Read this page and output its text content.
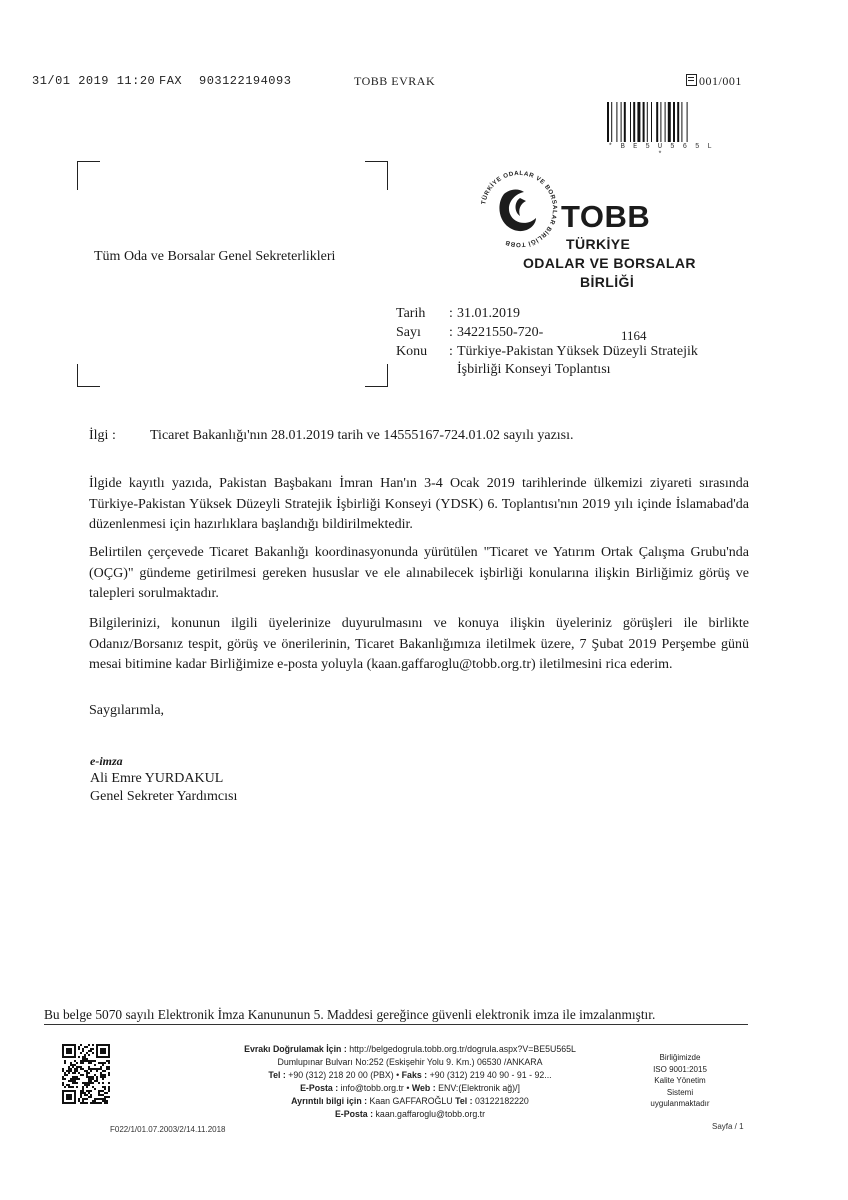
31/01 2019 11:20 FAX 903122194093	TOBB EVRAK	001/001
* B E 5 U 5 6 5 L *
Tüm Oda ve Borsalar Genel Sekreterlikleri
TÜRKİYE ODALAR VE BORSALAR BİRLİĞİ TOBB
TOBB
TÜRKİYE
ODALAR VE BORSALAR
BİRLİĞİ
Tarih : 31.01.2019
Sayı : 34221550-720-	1164
Konu : Türkiye-Pakistan Yüksek Düzeyli Stratejik
İşbirliği Konseyi Toplantısı
İlgi : Ticaret Bakanlığı'nın 28.01.2019 tarih ve 14555167-724.01.02 sayılı yazısı.
İlgide kayıtlı yazıda, Pakistan Başbakanı İmran Han'ın 3-4 Ocak 2019 tarihlerinde ülkemizi ziyareti sırasında Türkiye-Pakistan Yüksek Düzeyli Stratejik İşbirliği Konseyi (YDSK) 6. Toplantısı'nın 2019 yılı içinde İslamabad'da düzenlenmesi için hazırlıklara başlandığı bildirilmektedir.
Belirtilen çerçevede Ticaret Bakanlığı koordinasyonunda yürütülen "Ticaret ve Yatırım Ortak Çalışma Grubu'nda (OÇG)" gündeme getirilmesi gereken hususlar ve ele alınabilecek işbirliği konularına ilişkin Birliğimiz görüş ve talepleri sorulmaktadır.
Bilgilerinizi, konunun ilgili üyelerinize duyurulmasını ve konuya ilişkin üyeleriniz görüşleri ile birlikte Odanız/Borsanız tespit, görüş ve önerilerinin, Ticaret Bakanlığımıza iletilmek üzere, 7 Şubat 2019 Perşembe günü mesai bitimine kadar Birliğimize e-posta yoluyla (kaan.gaffaroglu@tobb.org.tr) iletilmesini rica ederim.
Saygılarımla,
e-imza
Ali Emre YURDAKUL
Genel Sekreter Yardımcısı
Bu belge 5070 sayılı Elektronik İmza Kanununun 5. Maddesi gereğince güvenli elektronik imza ile imzalanmıştır.
Evrakı Doğrulamak İçin : http://belgedogrula.tobb.org.tr/dogrula.aspx?V=BE5U565L
Dumlupınar Bulvarı No:252 (Eskişehir Yolu 9. Km.) 06530 /ANKARA
Tel : +90 (312) 218 20 00 (PBX) • Faks : +90 (312) 219 40 90 - 91 - 92...
E-Posta : info@tobb.org.tr • Web : ENV:(Elektronik ağ)/]
Ayrıntılı bilgi için : Kaan GAFFAROĞLU Tel : 03122182220
E-Posta : kaan.gaffaroglu@tobb.org.tr
Birliğimizde
ISO 9001:2015
Kalite Yönetim
Sistemi
uygulanmaktadır
F022/1/01.07.2003/2/14.11.2018	Sayfa / 1
